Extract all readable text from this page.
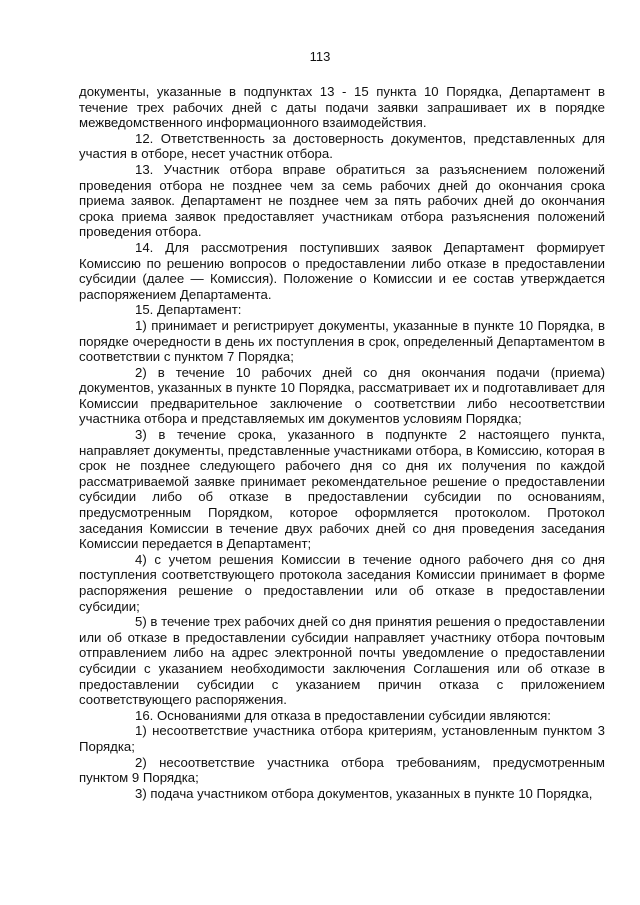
113

документы, указанные в подпунктах 13 - 15 пункта 10 Порядка, Департамент в течение трех рабочих дней с даты подачи заявки запрашивает их в порядке межведомственного информационного взаимодействия.

12. Ответственность за достоверность документов, представленных для участия в отборе, несет участник отбора.

13. Участник отбора вправе обратиться за разъяснением положений проведения отбора не позднее чем за семь рабочих дней до окончания срока приема заявок. Департамент не позднее чем за пять рабочих дней до окончания срока приема заявок предоставляет участникам отбора разъяснения положений проведения отбора.

14. Для рассмотрения поступивших заявок Департамент формирует Комиссию по решению вопросов о предоставлении либо отказе в предоставлении субсидии (далее — Комиссия). Положение о Комиссии и ее состав утверждается распоряжением Департамента.

15. Департамент:

1) принимает и регистрирует документы, указанные в пункте 10 Порядка, в порядке очередности в день их поступления в срок, определенный Департаментом в соответствии с пунктом 7 Порядка;

2) в течение 10 рабочих дней со дня окончания подачи (приема) документов, указанных в пункте 10 Порядка, рассматривает их и подготавливает для Комиссии предварительное заключение о соответствии либо несоответствии участника отбора и представляемых им документов условиям Порядка;

3) в течение срока, указанного в подпункте 2 настоящего пункта, направляет документы, представленные участниками отбора, в Комиссию, которая в срок не позднее следующего рабочего дня со дня их получения по каждой рассматриваемой заявке принимает рекомендательное решение о предоставлении субсидии либо об отказе в предоставлении субсидии по основаниям, предусмотренным Порядком, которое оформляется протоколом. Протокол заседания Комиссии в течение двух рабочих дней со дня проведения заседания Комиссии передается в Департамент;

4) с учетом решения Комиссии в течение одного рабочего дня со дня поступления соответствующего протокола заседания Комиссии принимает в форме распоряжения решение о предоставлении или об отказе в предоставлении субсидии;

5) в течение трех рабочих дней со дня принятия решения о предоставлении или об отказе в предоставлении субсидии направляет участнику отбора почтовым отправлением либо на адрес электронной почты уведомление о предоставлении субсидии с указанием необходимости заключения Соглашения или об отказе в предоставлении субсидии с указанием причин отказа с приложением соответствующего распоряжения.

16. Основаниями для отказа в предоставлении субсидии являются:

1) несоответствие участника отбора критериям, установленным пунктом 3 Порядка;

2) несоответствие участника отбора требованиям, предусмотренным пунктом 9 Порядка;

3) подача участником отбора документов, указанных в пункте 10 Порядка,
